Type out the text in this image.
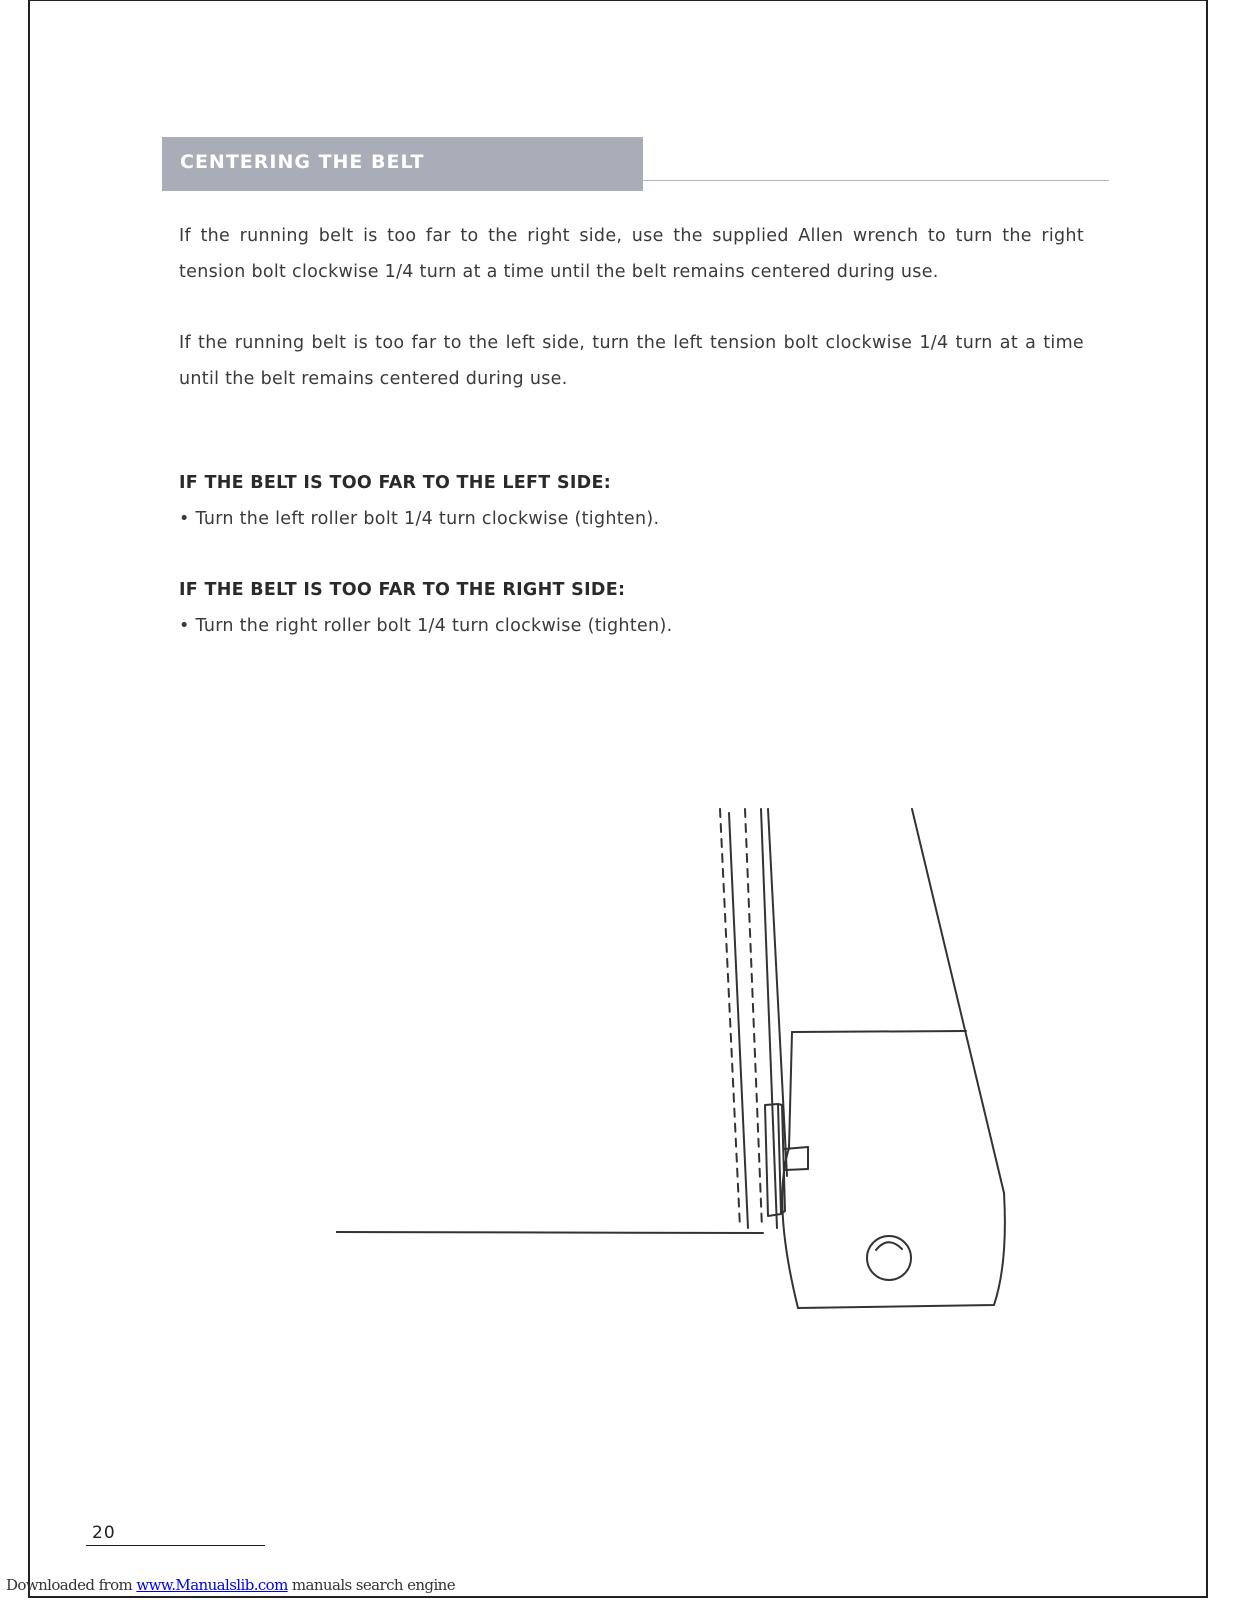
CENTERING THE BELT
If the running belt is too far to the right side, use the supplied Allen wrench to turn the right tension bolt clockwise 1/4 turn at a time until the belt remains centered during use.
If the running belt is too far to the left side, turn the left tension bolt clockwise 1/4 turn at a time until the belt remains centered during use.
IF THE BELT IS TOO FAR TO THE LEFT SIDE:
• Turn the left roller bolt 1/4 turn clockwise (tighten).
IF THE BELT IS TOO FAR TO THE RIGHT SIDE:
• Turn the right roller bolt 1/4 turn clockwise (tighten).
20
Downloaded from www.Manualslib.com manuals search engine
